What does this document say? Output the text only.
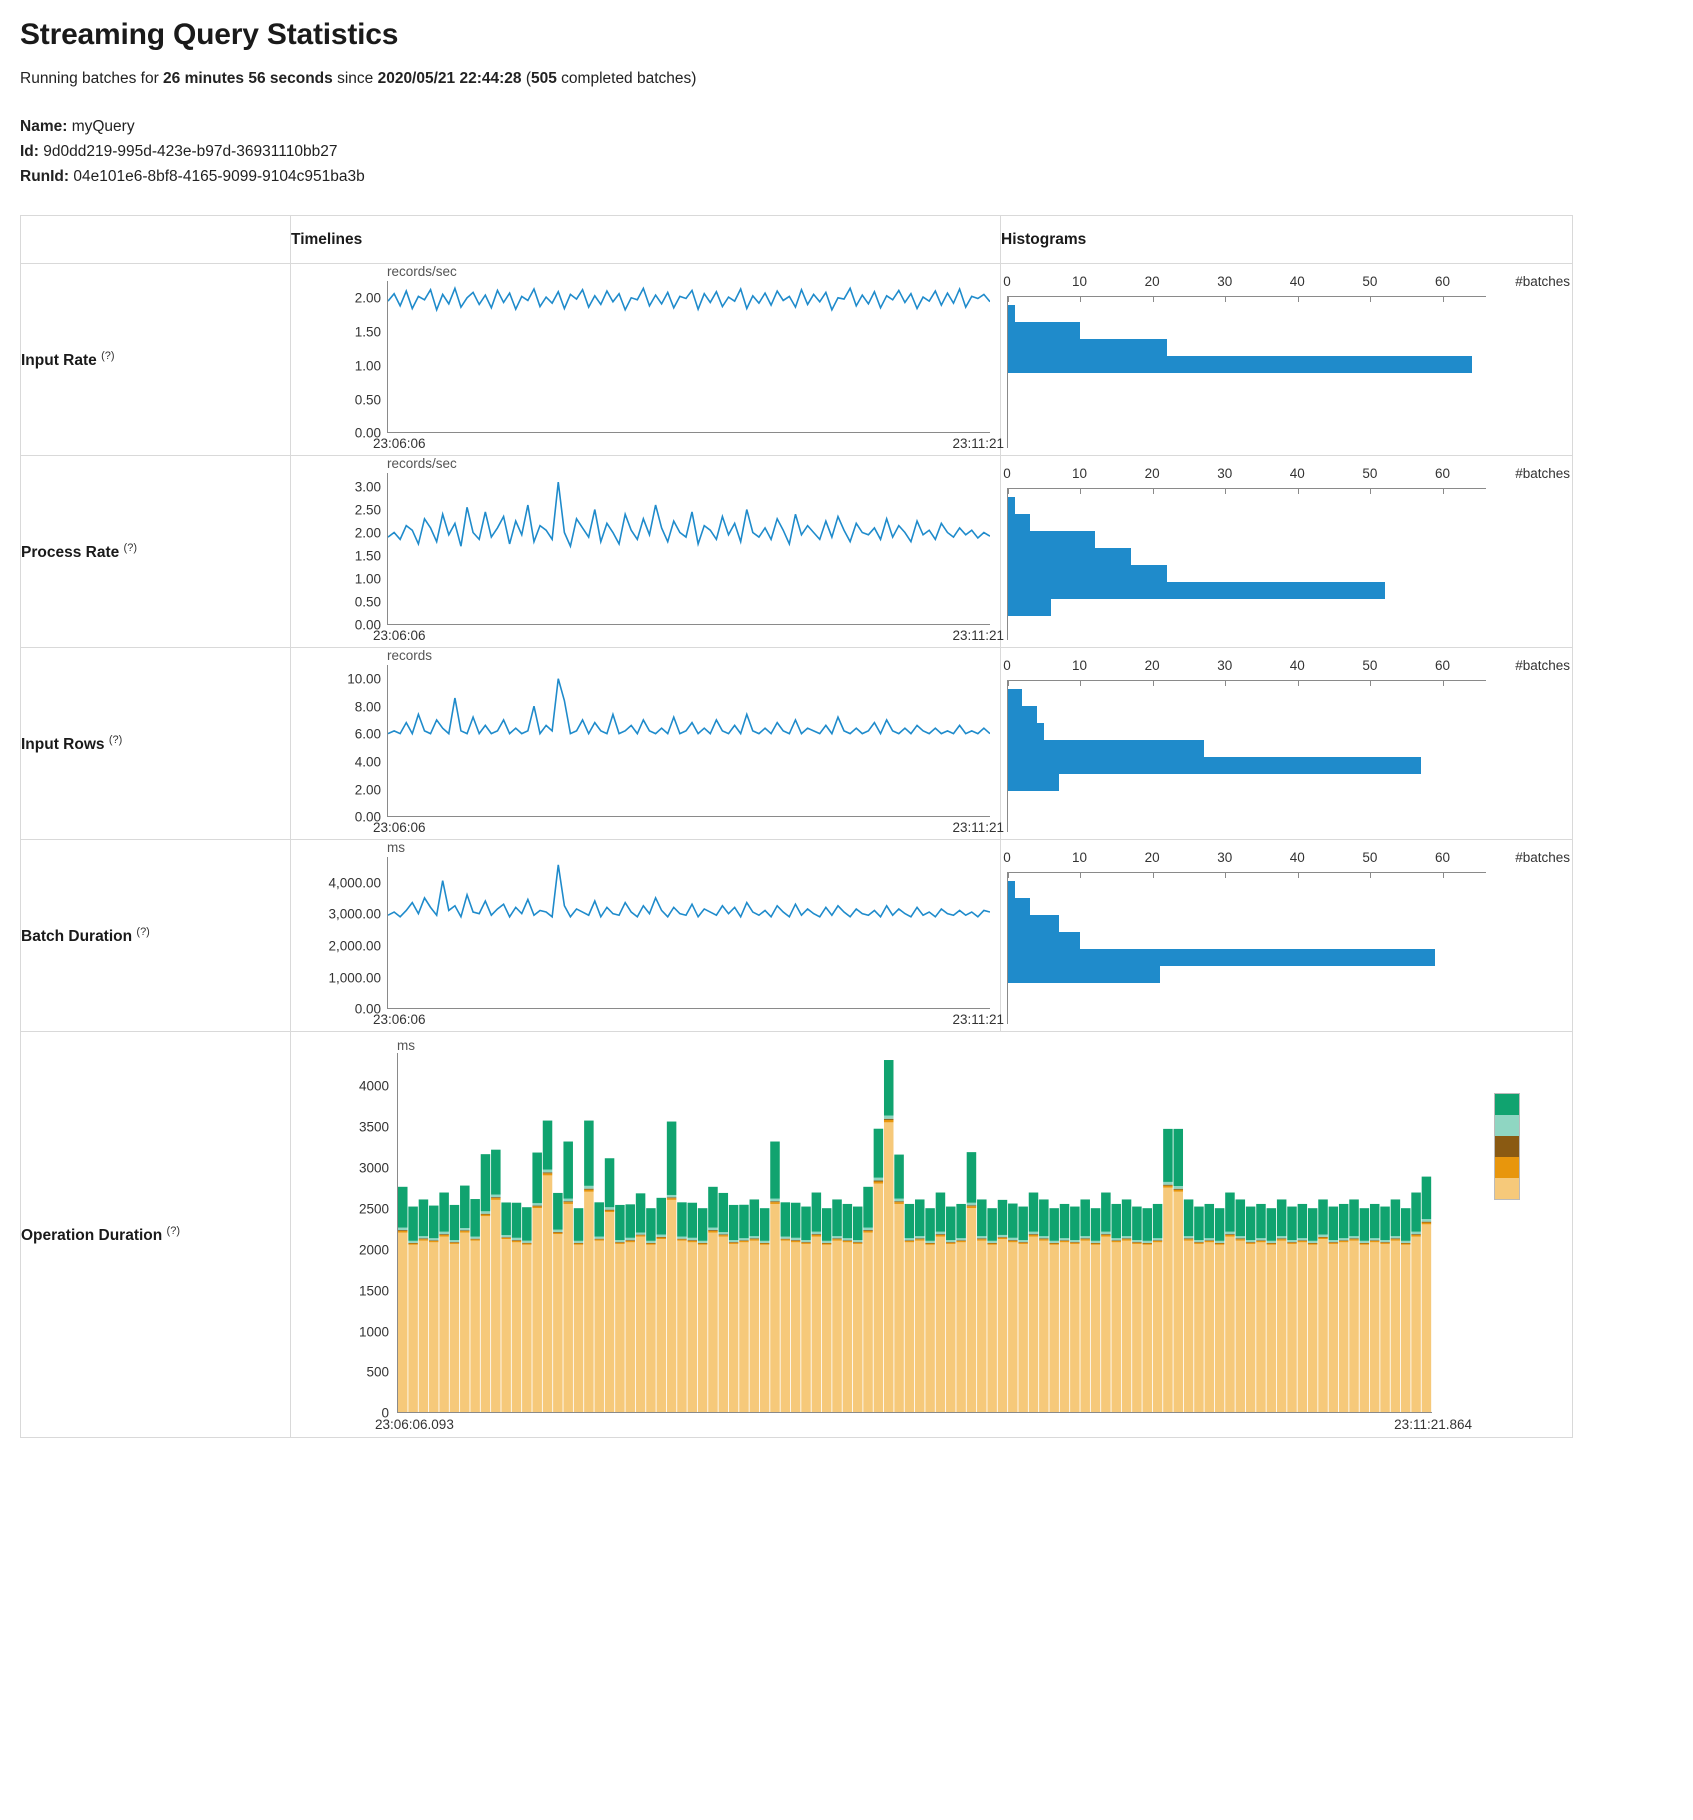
Streaming Query Statistics

Running batches for 26 minutes 56 seconds since 2020/05/21 22:44:28 (505 completed batches)

Name: myQuery
Id: 9d0dd219-995d-423e-b97d-36931110bb27
RunId: 04e101e6-8bf8-4165-9099-9104c951ba3b
	Timelines	Histograms
Input Rate (?)	
records/sec
0.00
0.50
1.00
1.50
2.00
23:06:06	23:11:21

0	10	20	30	40	50	60	#batches

Process Rate (?)	
records/sec
0.00
0.50
1.00
1.50
2.00
2.50
3.00
23:06:06	23:11:21

0	10	20	30	40	50	60	#batches

Input Rows (?)	
records
0.00
2.00
4.00
6.00
8.00
10.00
23:06:06	23:11:21

0	10	20	30	40	50	60	#batches

Batch Duration (?)	
ms
0.00
1,000.00
2,000.00
3,000.00
4,000.00
23:06:06	23:11:21

0	10	20	30	40	50	60	#batches

Operation Duration (?)	
ms
0
500
1000
1500
2000
2500
3000
3500
4000
23:06:06.093	23:11:21.864
